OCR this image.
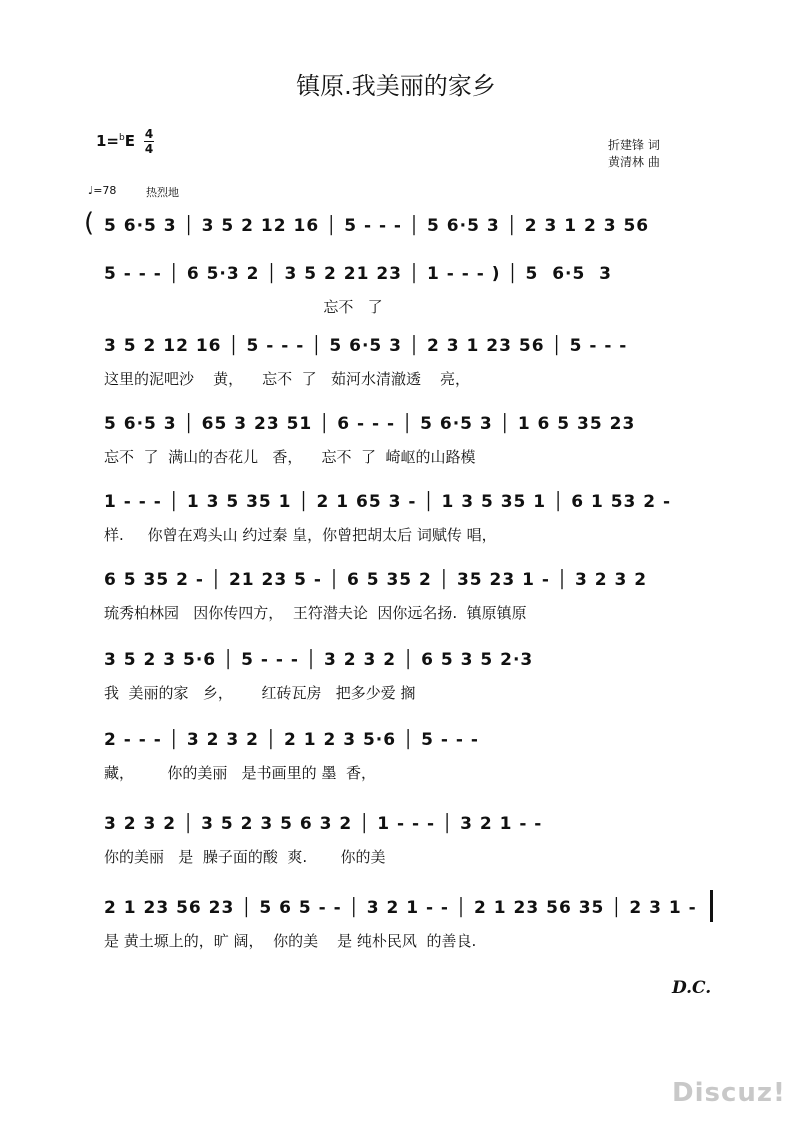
镇原.我美丽的家乡
1=$^b$E 4
4	折建锋 词
黄清林 曲
♩=78	热烈地
( 5 6·5 3 │ 3 5 2 12 16 │ 5 - - - │ 5 6·5 3 │ 2 3 1 2 3 56
5 - - - │ 6 5·3 2 │ 3 5 2 21 23 │ 1 - - - ) │ 5  6·5  3
忘不   了
3 5 2 12 16 │ 5 - - - │ 5 6·5 3 │ 2 3 1 23 56 │ 5 - - -
这里的泥吧沙    黄，    忘不  了   茹河水清澈透    亮，
5 6·5 3 │ 65 3 23 51 │ 6 - - - │ 5 6·5 3 │ 1 6 5 35 23
忘不  了  满山的杏花儿   香，    忘不  了  崎岖的山路模
1 - - - │ 1 3 5 35 1 │ 2 1 65 3 - │ 1 3 5 35 1 │ 6 1 53 2 -
样.     你曾在鸡头山 约过秦 皇，你曾把胡太后 词赋传 唱，
6 5 35 2 - │ 21 23 5 - │ 6 5 35 2 │ 35 23 1 - │ 3 2 3 2
琉秀柏林园   因你传四方，  王符潜夫论  因你远名扬.  镇原镇原
3 5 2 3 5·6 │ 5 - - - │ 3 2 3 2 │ 6 5 3 5 2·3
我  美丽的家   乡，      红砖瓦房   把多少爱 搁
2 - - - │ 3 2 3 2 │ 2 1 2 3 5·6 │ 5 - - -
藏，       你的美丽   是书画里的 墨  香，
3 2 3 2 │ 3 5 2 3 5 6 3 2 │ 1 - - - │ 3 2 1 - -
你的美丽   是  臊子面的酸  爽.       你的美
2 1 23 56 23 │ 5 6 5 - - │ 3 2 1 - - │ 2 1 23 56 35 │ 2 3 1 -
是 黄土塬上的，旷 阔，  你的美    是 纯朴民风  的善良.
D.C.
Discuz!
